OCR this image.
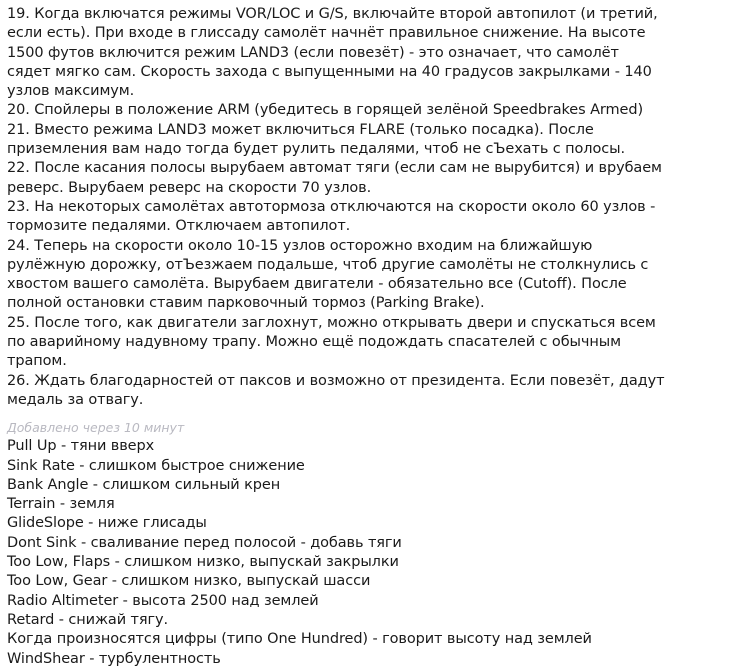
19. Когда включатся режимы VOR/LOC и G/S, включайте второй автопилот (и третий,
если есть). При входе в глиссаду самолёт начнёт правильное снижение. На высоте
1500 футов включится режим LAND3 (если повезёт) - это означает, что самолёт
сядет мягко сам. Скорость захода с выпущенными на 40 градусов закрылками - 140
узлов максимум.
20. Спойлеры в положение ARM (убедитесь в горящей зелёной Speedbrakes Armed)
21. Вместо режима LAND3 может включиться FLARE (только посадка). После
приземления вам надо тогда будет рулить педалями, чтоб не сЪехать с полосы.
22. После касания полосы вырубаем автомат тяги (если сам не вырубится) и врубаем
реверс. Вырубаем реверс на скорости 70 узлов.
23. На некоторых самолётах автотормоза отключаются на скорости около 60 узлов -
тормозите педалями. Отключаем автопилот.
24. Теперь на скорости около 10-15 узлов осторожно входим на ближайшую
рулёжную дорожку, отЪезжаем подальше, чтоб другие самолёты не столкнулись с
хвостом вашего самолёта. Вырубаем двигатели - обязательно все (Cutoff). После
полной остановки ставим парковочный тормоз (Parking Brake).
25. После того, как двигатели заглохнут, можно открывать двери и спускаться всем
по аварийному надувному трапу. Можно ещё подождать спасателей с обычным
трапом.
26. Ждать благодарностей от паксов и возможно от президента. Если повезёт, дадут
медаль за отвагу.
Добавлено через 10 минут
Pull Up - тяни вверх
Sink Rate - слишком быстрое снижение
Bank Angle - слишком сильный крен
Terrain - земля
GlideSlope - ниже глисады
Dont Sink - сваливание перед полосой - добавь тяги
Too Low, Flaps - слишком низко, выпускай закрылки
Too Low, Gear - слишком низко, выпускай шасси
Radio Altimeter - высота 2500 над землей
Retard - снижай тягу.
Когда произносятся цифры (типо One Hundred) - говорит высоту над землей
WindShear - турбулентность
